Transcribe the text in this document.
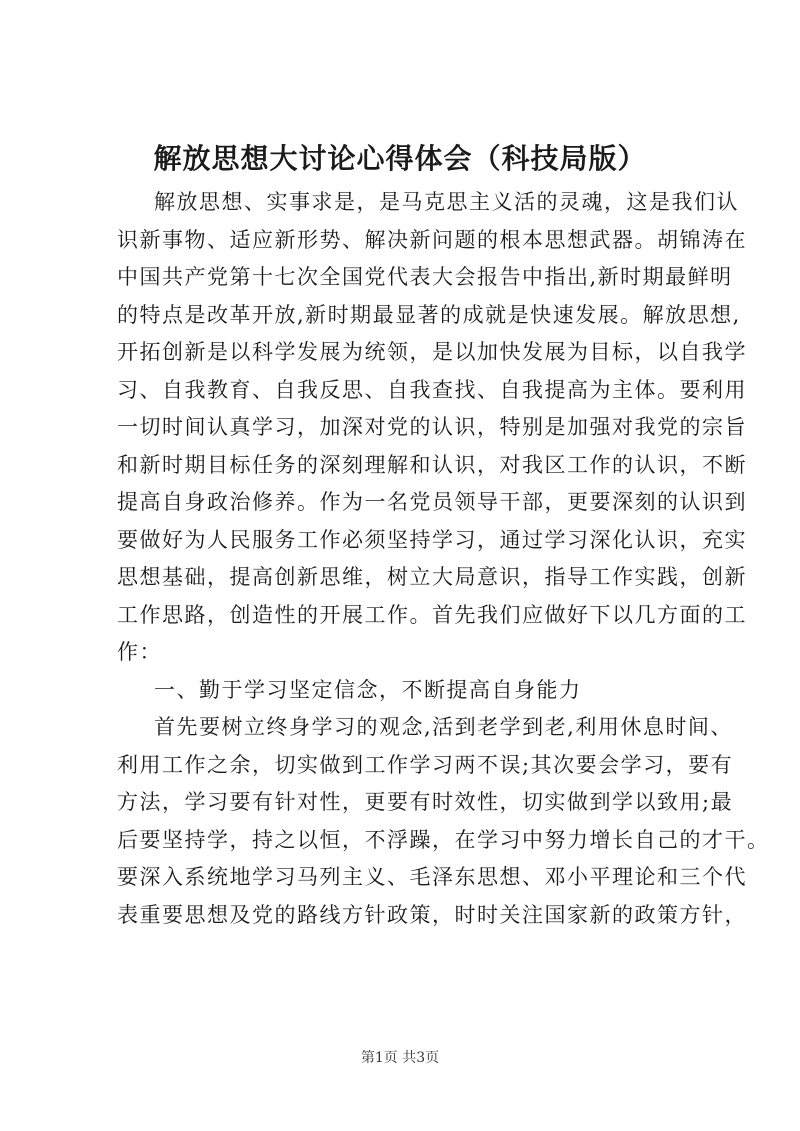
解放思想大讨论心得体会（科技局版）
解放思想、实事求是，是马克思主义活的灵魂，这是我们认
识新事物、适应新形势、解决新问题的根本思想武器。胡锦涛在
中国共产党第十七次全国党代表大会报告中指出,新时期最鲜明
的特点是改革开放,新时期最显著的成就是快速发展。解放思想,
开拓创新是以科学发展为统领，是以加快发展为目标，以自我学
习、自我教育、自我反思、自我查找、自我提高为主体。要利用
一切时间认真学习，加深对党的认识，特别是加强对我党的宗旨
和新时期目标任务的深刻理解和认识，对我区工作的认识，不断
提高自身政治修养。作为一名党员领导干部，更要深刻的认识到
要做好为人民服务工作必须坚持学习，通过学习深化认识，充实
思想基础，提高创新思维，树立大局意识，指导工作实践，创新
工作思路，创造性的开展工作。首先我们应做好下以几方面的工
作：
一、勤于学习坚定信念，不断提高自身能力
首先要树立终身学习的观念,活到老学到老,利用休息时间、
利用工作之余，切实做到工作学习两不误;其次要会学习，要有
方法，学习要有针对性，更要有时效性，切实做到学以致用;最
后要坚持学，持之以恒，不浮躁，在学习中努力增长自己的才干。
要深入系统地学习马列主义、毛泽东思想、邓小平理论和三个代
表重要思想及党的路线方针政策，时时关注国家新的政策方针，
第1页 共3页
